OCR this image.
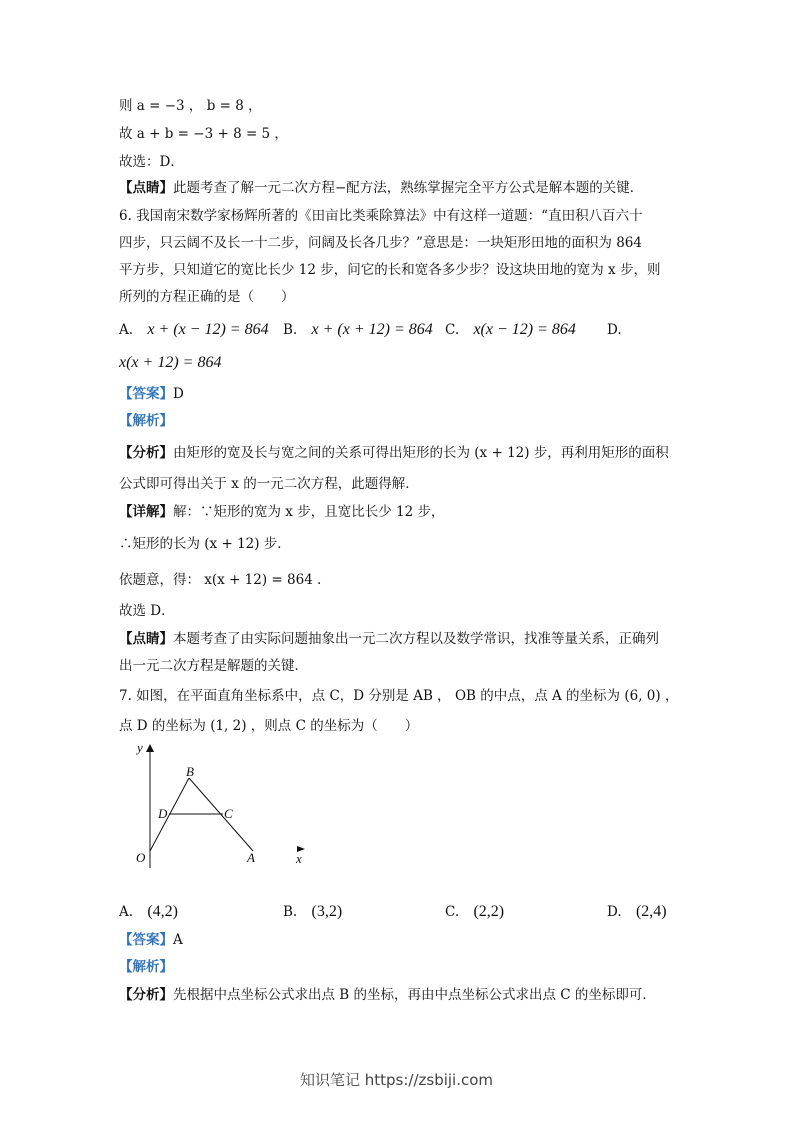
则 a = −3 ， b = 8 ，
故 a + b = −3 + 8 = 5 ，
故选：D．
【点睛】此题考查了解一元二次方程−配方法，熟练掌握完全平方公式是解本题的关键．
6. 我国南宋数学家杨辉所著的《田亩比类乘除算法》中有这样一道题：“直田积八百六十
四步，只云阔不及长一十二步，问阔及长各几步？”意思是：一块矩形田地的面积为 864
平方步，只知道它的宽比长少 12 步，问它的长和宽各多少步？设这块田地的宽为 x 步，则
所列的方程正确的是（　　）
A. x + (x − 12) = 864 B. x + (x + 12) = 864 C. x(x − 12) = 864 D.
x(x + 12) = 864
【答案】D
【解析】
【分析】由矩形的宽及长与宽之间的关系可得出矩形的长为 (x + 12) 步，再利用矩形的面积
公式即可得出关于 x 的一元二次方程，此题得解．
【详解】解：∵矩形的宽为 x 步，且宽比长少 12 步，
∴矩形的长为 (x + 12) 步．
依题意，得： x(x + 12) = 864 ．
故选 D．
【点睛】本题考查了由实际问题抽象出一元二次方程以及数学常识，找准等量关系，正确列
出一元二次方程是解题的关键．
7. 如图，在平面直角坐标系中，点 C，D 分别是 AB ， OB 的中点，点 A 的坐标为 (6, 0) ，
点 D 的坐标为 (1, 2) ，则点 C 的坐标为（　　）
y
x
B
D	C
O	A
A. (4,2)	B. (3,2)	C. (2,2)	D. (2,4)
【答案】A
【解析】
【分析】先根据中点坐标公式求出点 B 的坐标，再由中点坐标公式求出点 C 的坐标即可．
知识笔记 https://zsbiji.com
